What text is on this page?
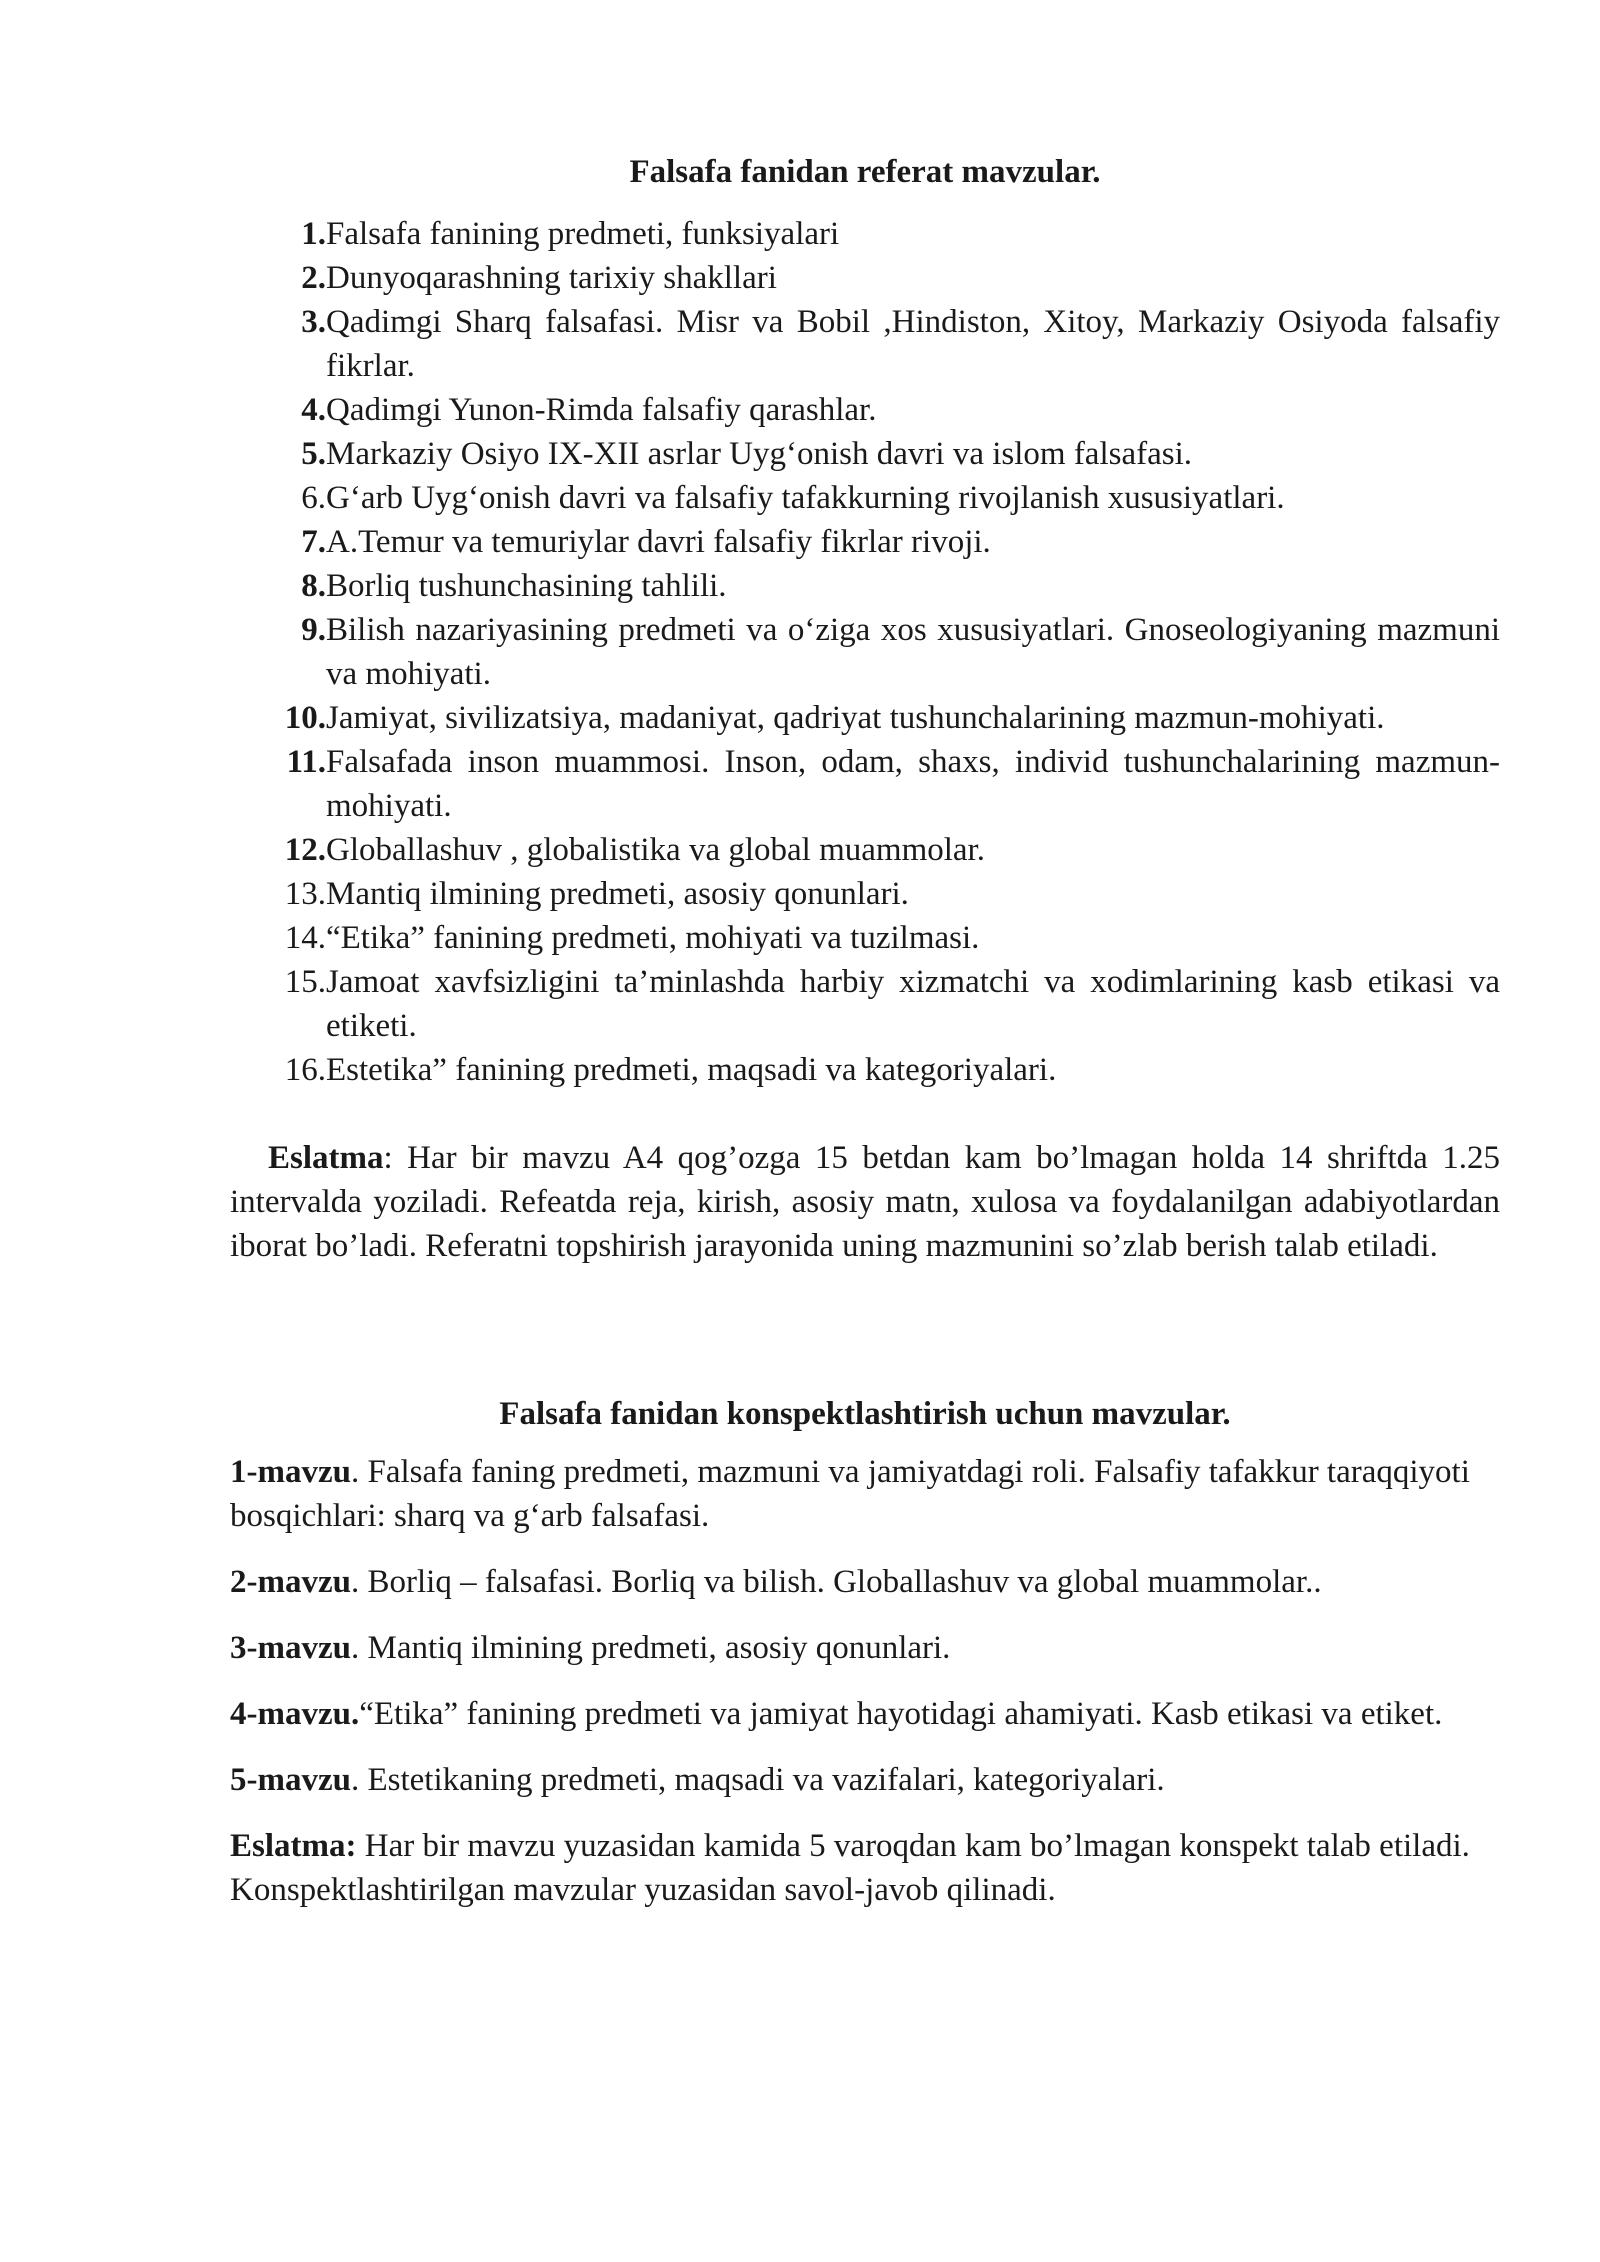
Falsafa fanidan referat mavzular.
1. Falsafa fanining predmeti, funksiyalari
2. Dunyoqarashning tarixiy shakllari
3. Qadimgi Sharq falsafasi. Misr va Bobil ,Hindiston, Xitoy, Markaziy Osiyoda falsafiy fikrlar.
4. Qadimgi Yunon-Rimda falsafiy qarashlar.
5. Markaziy Osiyo IX-XII asrlar Uyg‘onish davri va islom falsafasi.
6. G‘arb Uyg‘onish davri va falsafiy tafakkurning rivojlanish xususiyatlari.
7. A.Temur va temuriylar davri falsafiy fikrlar rivoji.
8. Borliq tushunchasining tahlili.
9. Bilish nazariyasining predmeti va o‘ziga xos xususiyatlari. Gnoseologiyaning mazmuni va mohiyati.
10. Jamiyat, sivilizatsiya, madaniyat, qadriyat tushunchalarining mazmun-mohiyati.
11. Falsafada inson muammosi. Inson, odam, shaxs, individ tushunchalarining mazmun-mohiyati.
12. Globallashuv , globalistika va global muammolar.
13. Mantiq ilmining predmeti, asosiy qonunlari.
14. “Etika” fanining predmeti, mohiyati va tuzilmasi.
15. Jamoat xavfsizligini ta’minlashda harbiy xizmatchi va xodimlarining kasb etikasi va etiketi.
16. Estetika” fanining predmeti, maqsadi va kategoriyalari.

Eslatma: Har bir mavzu A4 qog’ozga 15 betdan kam bo’lmagan holda 14 shriftda 1.25 intervalda yoziladi. Refeatda reja, kirish, asosiy matn, xulosa va foydalanilgan adabiyotlardan iborat bo’ladi. Referatni topshirish jarayonida uning mazmunini so’zlab berish talab etiladi.

Falsafa fanidan konspektlashtirish uchun mavzular.

1-mavzu. Falsafa faning predmeti, mazmuni va jamiyatdagi roli. Falsafiy tafakkur taraqqiyoti bosqichlari: sharq va g‘arb falsafasi.

2-mavzu. Borliq – falsafasi. Borliq va bilish. Globallashuv va global muammolar..

3-mavzu. Mantiq ilmining predmeti, asosiy qonunlari.

4-mavzu.“Etika” fanining predmeti va jamiyat hayotidagi ahamiyati. Kasb etikasi va etiket.

5-mavzu. Estetikaning predmeti, maqsadi va vazifalari, kategoriyalari.

Eslatma: Har bir mavzu yuzasidan kamida 5 varoqdan kam bo’lmagan konspekt talab etiladi. Konspektlashtirilgan mavzular yuzasidan savol-javob qilinadi.
